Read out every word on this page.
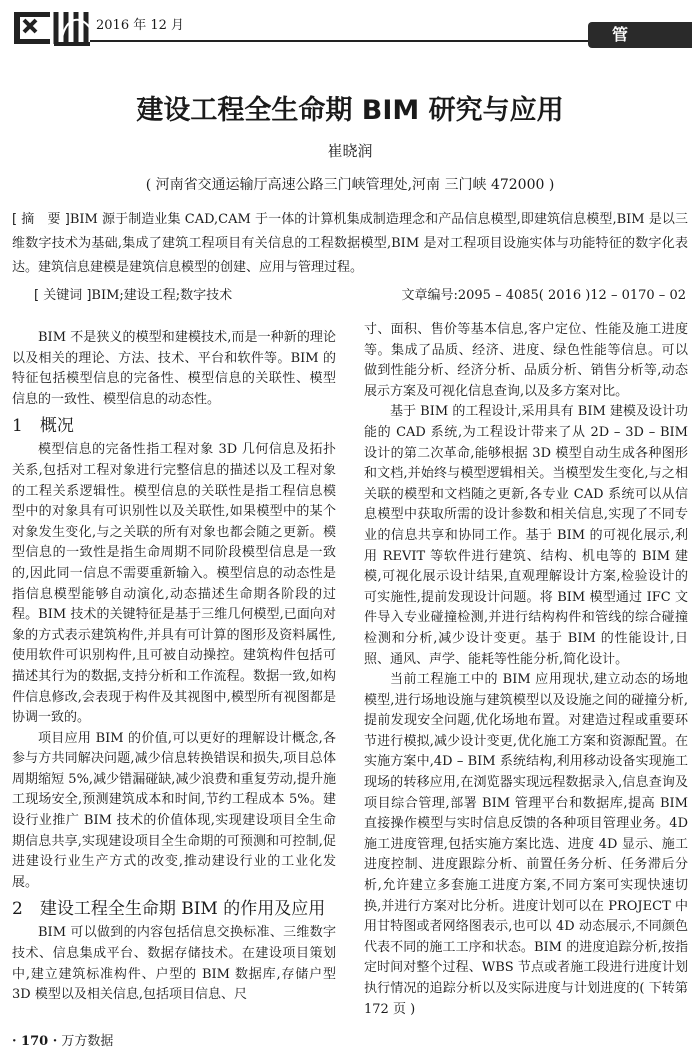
2016 年 12 月	管理
建设工程全生命期 BIM 研究与应用
崔晓润
( 河南省交通运输厅高速公路三门峡管理处,河南 三门峡 472000 )
[ 摘　要 ]BIM 源于制造业集 CAD,CAM 于一体的计算机集成制造理念和产品信息模型,即建筑信息模型,BIM 是以三维数字技术为基础,集成了建筑工程项目有关信息的工程数据模型,BIM 是对工程项目设施实体与功能特征的数字化表达。建筑信息建模是建筑信息模型的创建、应用与管理过程。
[ 关键词 ]BIM;建设工程;数字技术	文章编号:2095 – 4085( 2016 )12 – 0170 – 02

BIM 不是狭义的模型和建模技术,而是一种新的理论以及相关的理论、方法、技术、平台和软件等。BIM 的特征包括模型信息的完备性、模型信息的关联性、模型信息的一致性、模型信息的动态性。

1　概况

模型信息的完备性指工程对象 3D 几何信息及拓扑关系,包括对工程对象进行完整信息的描述以及工程对象的工程关系逻辑性。模型信息的关联性是指工程信息模型中的对象具有可识别性以及关联性,如果模型中的某个对象发生变化,与之关联的所有对象也都会随之更新。模型信息的一致性是指生命周期不同阶段模型信息是一致的,因此同一信息不需要重新输入。模型信息的动态性是指信息模型能够自动演化,动态描述生命期各阶段的过程。BIM 技术的关键特征是基于三维几何模型,已面向对象的方式表示建筑构件,并具有可计算的图形及资料属性,使用软件可识别构件,且可被自动操控。建筑构件包括可描述其行为的数据,支持分析和工作流程。数据一致,如构件信息修改,会表现于构件及其视图中,模型所有视图都是协调一致的。

项目应用 BIM 的价值,可以更好的理解设计概念,各参与方共同解决问题,减少信息转换错误和损失,项目总体周期缩短 5%,减少错漏碰缺,减少浪费和重复劳动,提升施工现场安全,预测建筑成本和时间,节约工程成本 5%。建设行业推广 BIM 技术的价值体现,实现建设项目全生命期信息共享,实现建设项目全生命期的可预测和可控制,促进建设行业生产方式的改变,推动建设行业的工业化发展。

2　建设工程全生命期 BIM 的作用及应用

BIM 可以做到的内容包括信息交换标准、三维数字技术、信息集成平台、数据存储技术。在建设项目策划中,建立建筑标准构件、户型的 BIM 数据库,存储户型 3D 模型以及相关信息,包括项目信息、尺

寸、面积、售价等基本信息,客户定位、性能及施工进度等。集成了品质、经济、进度、绿色性能等信息。可以做到性能分析、经济分析、品质分析、销售分析等,动态展示方案及可视化信息查询,以及多方案对比。

基于 BIM 的工程设计,采用具有 BIM 建模及设计功能的 CAD 系统,为工程设计带来了从 2D – 3D – BIM 设计的第二次革命,能够根据 3D 模型自动生成各种图形和文档,并始终与模型逻辑相关。当模型发生变化,与之相关联的模型和文档随之更新,各专业 CAD 系统可以从信息模型中获取所需的设计参数和相关信息,实现了不同专业的信息共享和协同工作。基于 BIM 的可视化展示,利用 REVIT 等软件进行建筑、结构、机电等的 BIM 建模,可视化展示设计结果,直观理解设计方案,检验设计的可实施性,提前发现设计问题。将 BIM 模型通过 IFC 文件导入专业碰撞检测,并进行结构构件和管线的综合碰撞检测和分析,减少设计变更。基于 BIM 的性能设计,日照、通风、声学、能耗等性能分析,简化设计。

当前工程施工中的 BIM 应用现状,建立动态的场地模型,进行场地设施与建筑模型以及设施之间的碰撞分析,提前发现安全问题,优化场地布置。对建造过程或重要环节进行模拟,减少设计变更,优化施工方案和资源配置。在实施方案中,4D – BIM 系统结构,利用移动设备实现施工现场的转移应用,在浏览器实现远程数据录入,信息查询及项目综合管理,部署 BIM 管理平台和数据库,提高 BIM 直接操作模型与实时信息反馈的各种项目管理业务。4D 施工进度管理,包括实施方案比选、进度 4D 显示、施工进度控制、进度跟踪分析、前置任务分析、任务滞后分析,允许建立多套施工进度方案,不同方案可实现快速切换,并进行方案对比分析。进度计划可以在 PROJECT 中用甘特图或者网络图表示,也可以 4D 动态展示,不同颜色代表不同的施工工序和状态。BIM 的进度追踪分析,按指定时间对整个过程、WBS 节点或者施工段进行进度计划执行情况的追踪分析以及实际进度与计划进度的( 下转第 172 页 )

· 170 · 万方数据
